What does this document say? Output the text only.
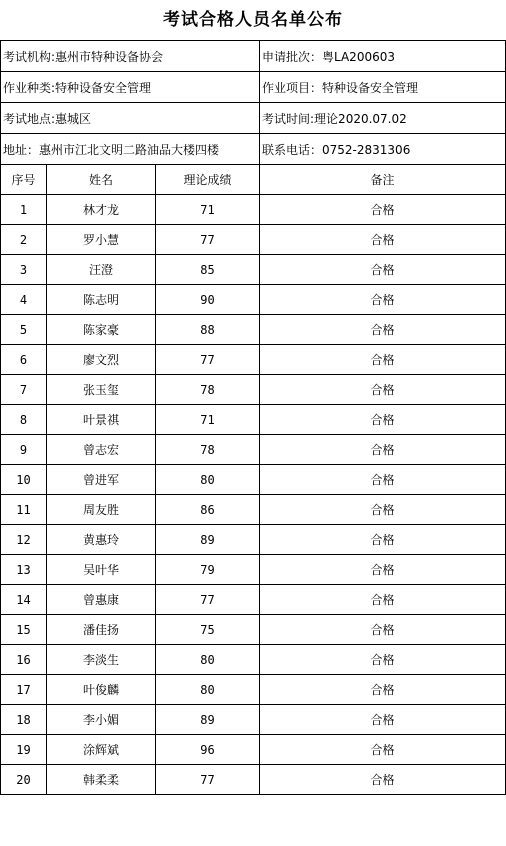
考试合格人员名单公布
考试机构:惠州市特种设备协会			申请批次：粤LA200603
作业种类:特种设备安全管理			作业项目：特种设备安全管理
考试地点:惠城区			考试时间:理论2020.07.02
地址：惠州市江北文明二路油品大楼四楼			联系电话：0752-2831306
序号	姓名	理论成绩	备注
1	林才龙	71	合格
2	罗小慧	77	合格
3	汪澄	85	合格
4	陈志明	90	合格
5	陈家豪	88	合格
6	廖文烈	77	合格
7	张玉玺	78	合格
8	叶景祺	71	合格
9	曾志宏	78	合格
10	曾进军	80	合格
11	周友胜	86	合格
12	黄惠玲	89	合格
13	吴叶华	79	合格
14	曾惠康	77	合格
15	潘佳扬	75	合格
16	李淡生	80	合格
17	叶俊麟	80	合格
18	李小媚	89	合格
19	涂辉斌	96	合格
20	韩柔柔	77	合格
